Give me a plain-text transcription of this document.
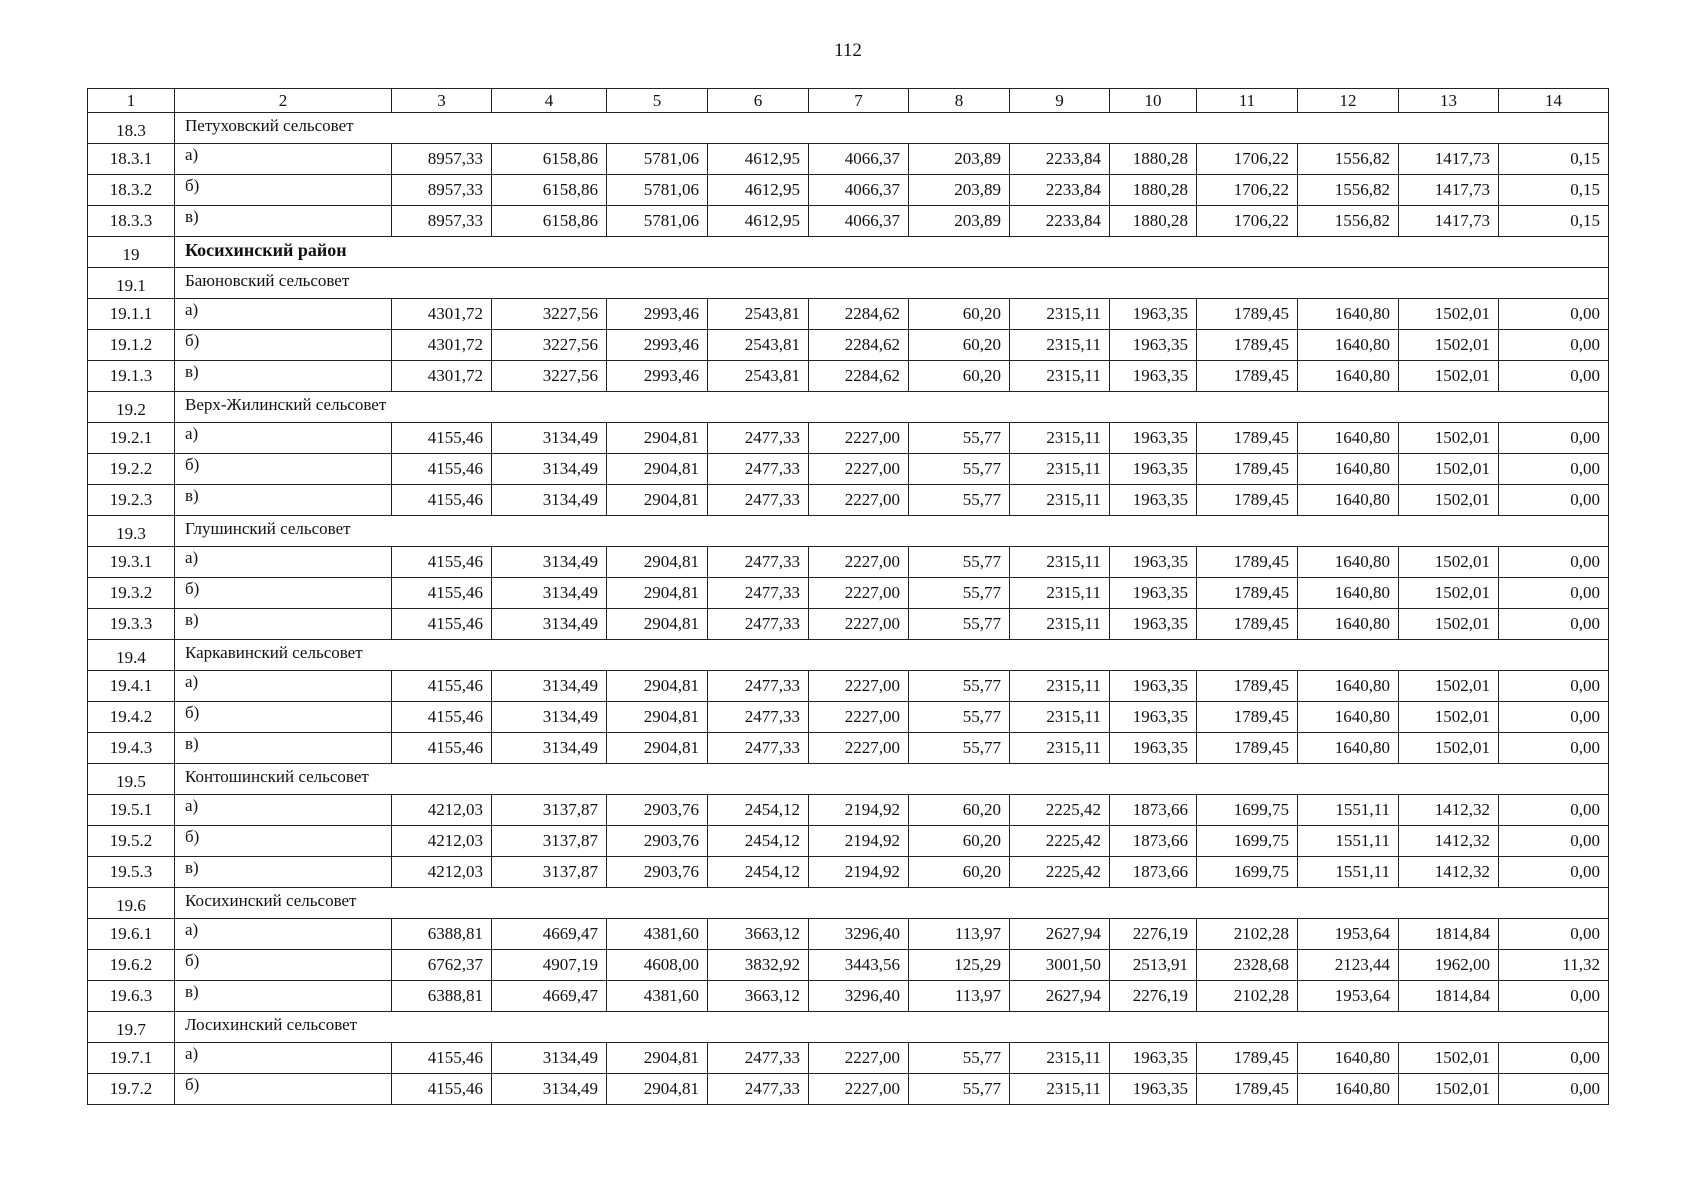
112
1	2	3	4	5	6	7	8	9	10	11	12	13	14
18.3	Петуховский сельсовет												
18.3.1	а)	8957,33	6158,86	5781,06	4612,95	4066,37	203,89	2233,84	1880,28	1706,22	1556,82	1417,73	0,15
18.3.2	б)	8957,33	6158,86	5781,06	4612,95	4066,37	203,89	2233,84	1880,28	1706,22	1556,82	1417,73	0,15
18.3.3	в)	8957,33	6158,86	5781,06	4612,95	4066,37	203,89	2233,84	1880,28	1706,22	1556,82	1417,73	0,15
19	Косихинский район												
19.1	Баюновский сельсовет												
19.1.1	а)	4301,72	3227,56	2993,46	2543,81	2284,62	60,20	2315,11	1963,35	1789,45	1640,80	1502,01	0,00
19.1.2	б)	4301,72	3227,56	2993,46	2543,81	2284,62	60,20	2315,11	1963,35	1789,45	1640,80	1502,01	0,00
19.1.3	в)	4301,72	3227,56	2993,46	2543,81	2284,62	60,20	2315,11	1963,35	1789,45	1640,80	1502,01	0,00
19.2	Верх-Жилинский сельсовет												
19.2.1	а)	4155,46	3134,49	2904,81	2477,33	2227,00	55,77	2315,11	1963,35	1789,45	1640,80	1502,01	0,00
19.2.2	б)	4155,46	3134,49	2904,81	2477,33	2227,00	55,77	2315,11	1963,35	1789,45	1640,80	1502,01	0,00
19.2.3	в)	4155,46	3134,49	2904,81	2477,33	2227,00	55,77	2315,11	1963,35	1789,45	1640,80	1502,01	0,00
19.3	Глушинский сельсовет												
19.3.1	а)	4155,46	3134,49	2904,81	2477,33	2227,00	55,77	2315,11	1963,35	1789,45	1640,80	1502,01	0,00
19.3.2	б)	4155,46	3134,49	2904,81	2477,33	2227,00	55,77	2315,11	1963,35	1789,45	1640,80	1502,01	0,00
19.3.3	в)	4155,46	3134,49	2904,81	2477,33	2227,00	55,77	2315,11	1963,35	1789,45	1640,80	1502,01	0,00
19.4	Каркавинский сельсовет												
19.4.1	а)	4155,46	3134,49	2904,81	2477,33	2227,00	55,77	2315,11	1963,35	1789,45	1640,80	1502,01	0,00
19.4.2	б)	4155,46	3134,49	2904,81	2477,33	2227,00	55,77	2315,11	1963,35	1789,45	1640,80	1502,01	0,00
19.4.3	в)	4155,46	3134,49	2904,81	2477,33	2227,00	55,77	2315,11	1963,35	1789,45	1640,80	1502,01	0,00
19.5	Контошинский сельсовет												
19.5.1	а)	4212,03	3137,87	2903,76	2454,12	2194,92	60,20	2225,42	1873,66	1699,75	1551,11	1412,32	0,00
19.5.2	б)	4212,03	3137,87	2903,76	2454,12	2194,92	60,20	2225,42	1873,66	1699,75	1551,11	1412,32	0,00
19.5.3	в)	4212,03	3137,87	2903,76	2454,12	2194,92	60,20	2225,42	1873,66	1699,75	1551,11	1412,32	0,00
19.6	Косихинский сельсовет												
19.6.1	а)	6388,81	4669,47	4381,60	3663,12	3296,40	113,97	2627,94	2276,19	2102,28	1953,64	1814,84	0,00
19.6.2	б)	6762,37	4907,19	4608,00	3832,92	3443,56	125,29	3001,50	2513,91	2328,68	2123,44	1962,00	11,32
19.6.3	в)	6388,81	4669,47	4381,60	3663,12	3296,40	113,97	2627,94	2276,19	2102,28	1953,64	1814,84	0,00
19.7	Лосихинский сельсовет												
19.7.1	а)	4155,46	3134,49	2904,81	2477,33	2227,00	55,77	2315,11	1963,35	1789,45	1640,80	1502,01	0,00
19.7.2	б)	4155,46	3134,49	2904,81	2477,33	2227,00	55,77	2315,11	1963,35	1789,45	1640,80	1502,01	0,00
